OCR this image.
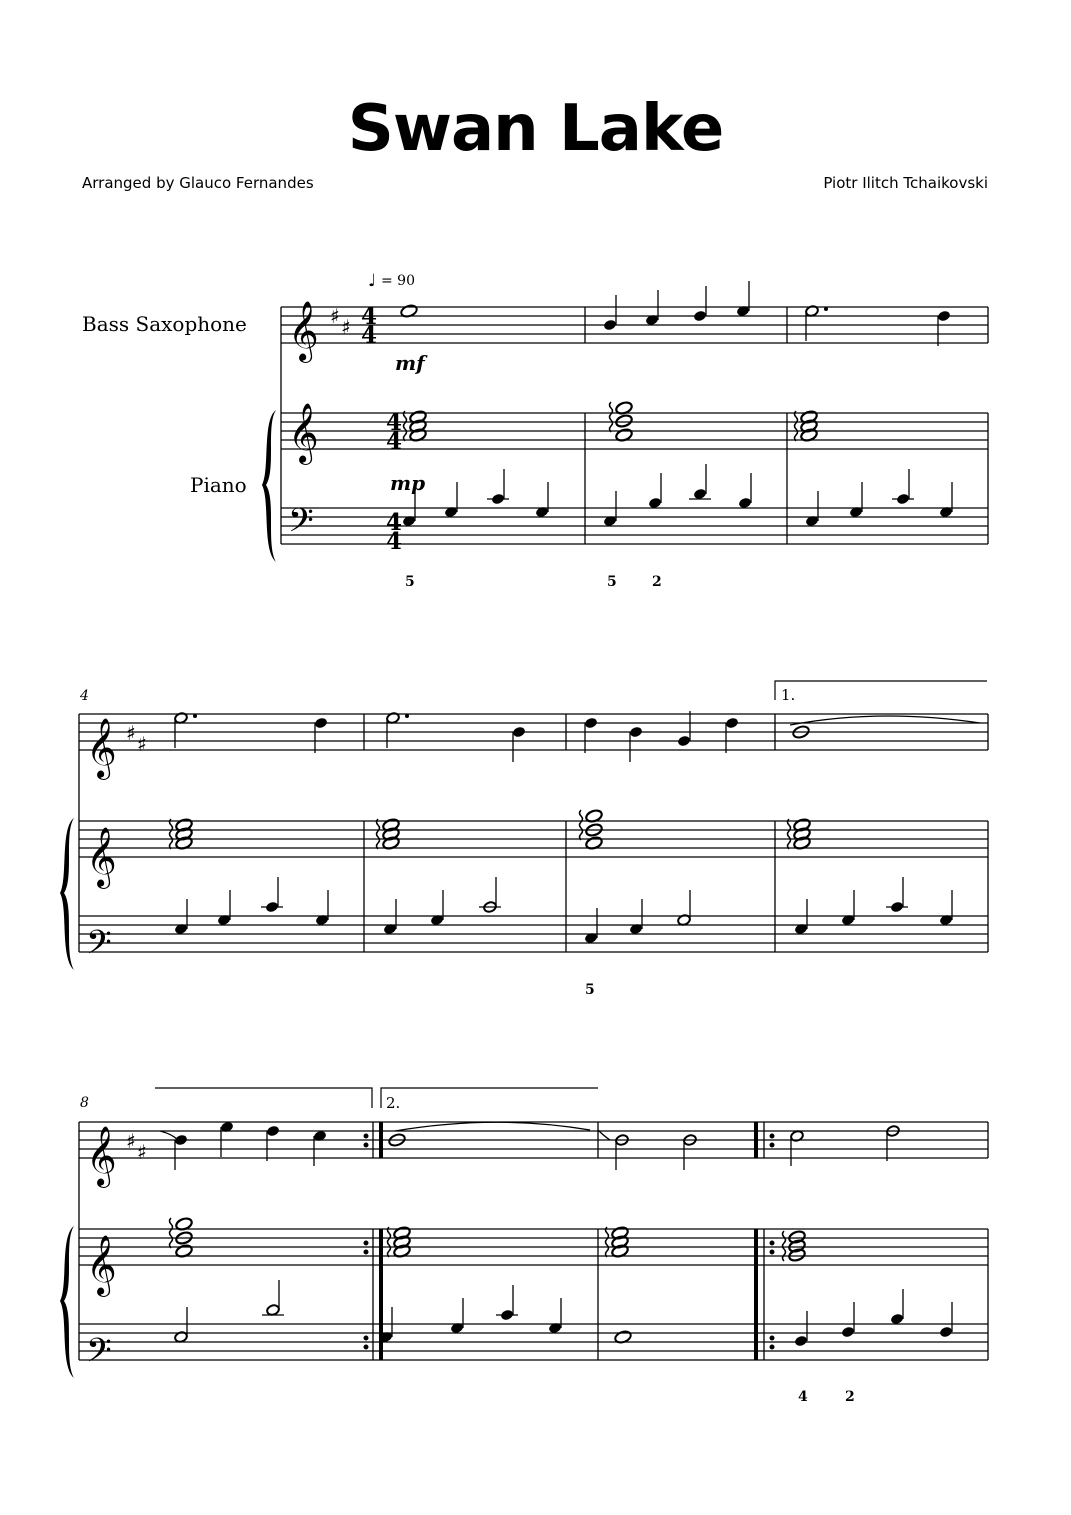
Swan Lake
Arranged by Glauco Fernandes	Piotr Ilitch Tchaikovski
Bass Saxophone
Piano
♩ = 90
𝄞
𝄞
𝄢
♯ ♯ 4
4
4
4
4
4
mf
mp
5	5	2
4
𝄞
𝄞
𝄢
♯ ♯
5
1.
8
𝄞
𝄞
𝄢
♯ ♯
2.
4	2
